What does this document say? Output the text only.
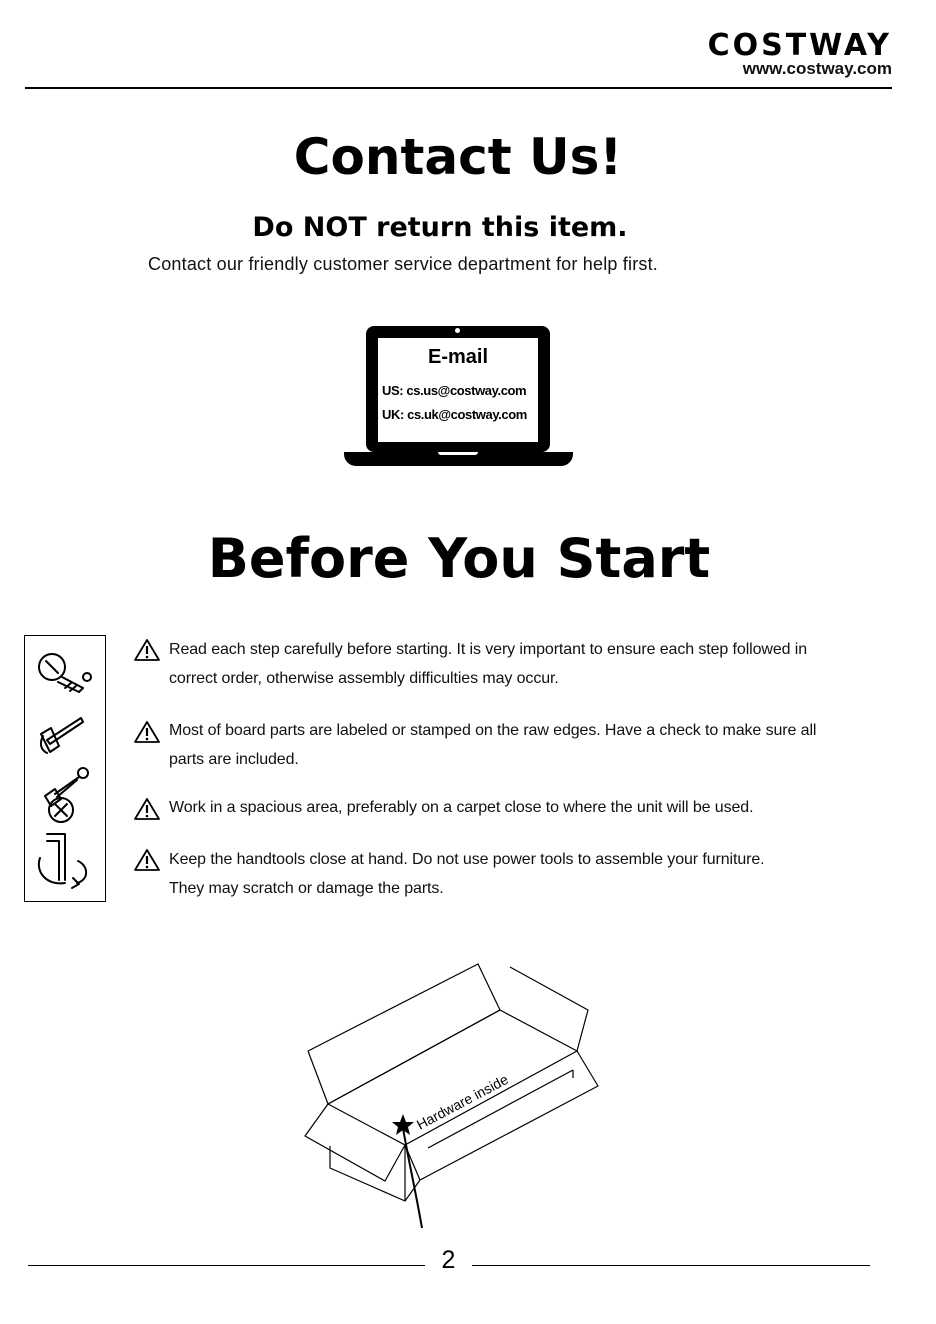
COSTWAY
www.costway.com
Contact Us!
Do NOT return this item.
Contact our friendly customer service department for help first.
E-mail
US: cs.us@costway.com
UK: cs.uk@costway.com
Before You Start
Read each step carefully before starting. It is very important to ensure each step followed in
correct order, otherwise assembly difficulties may occur.
Most of board parts are labeled or stamped on the raw edges. Have a check to make sure all
parts are included.
Work in a spacious area, preferably on a carpet close to where the unit will be used.
Keep the handtools close at hand. Do not use power tools to assemble your furniture.
They may scratch or damage the parts.
Hardware inside
2
